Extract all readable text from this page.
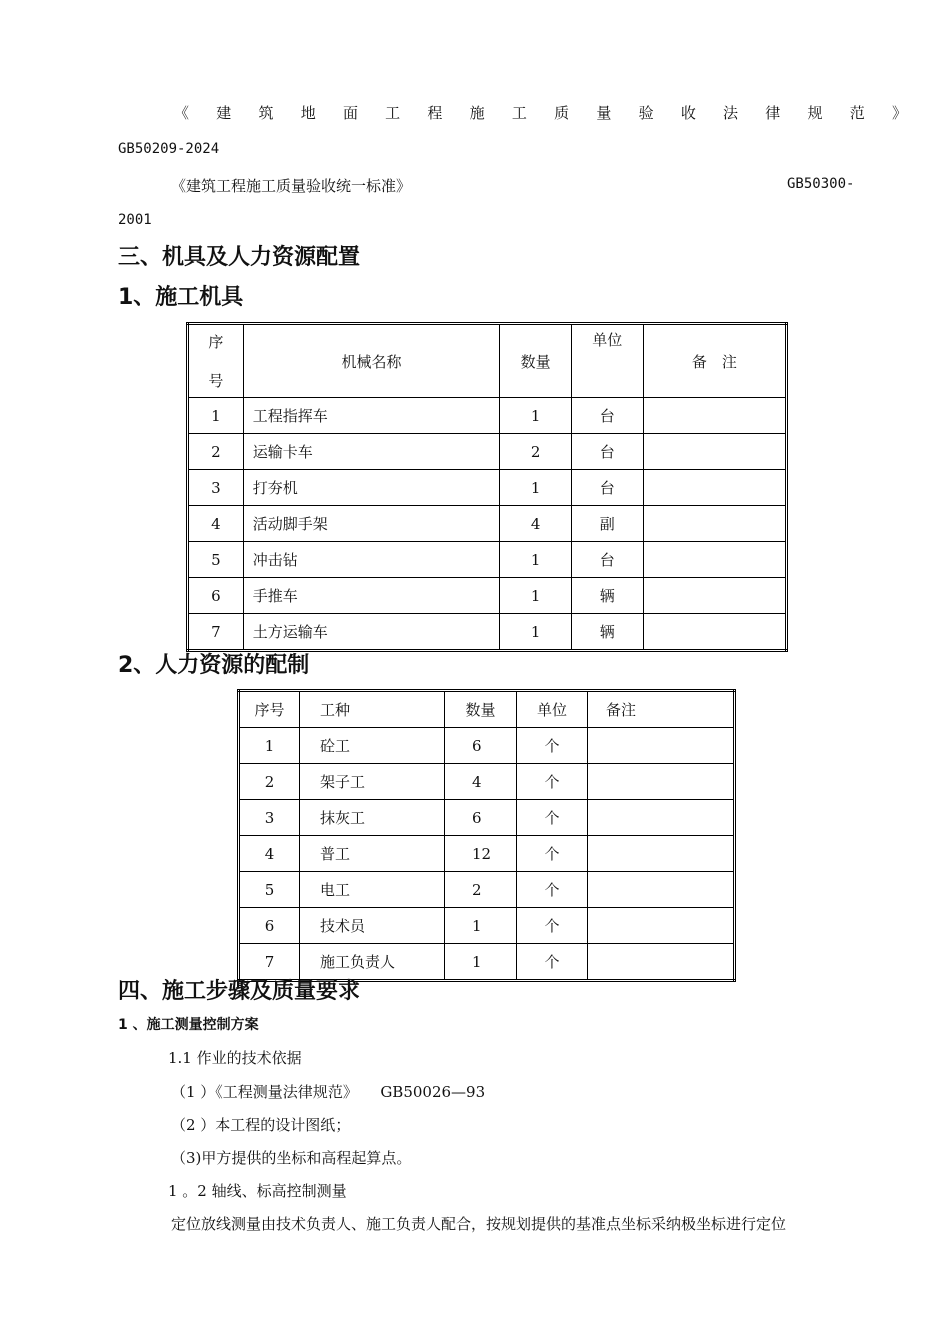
《 建 筑 地 面 工 程 施 工 质 量 验 收 法 律 规 范 》
GB50209-2024
《建筑工程施工质量验收统一标准》	GB50300-
2001
三、机具及人力资源配置
1、施工机具
序
号	机械名称	数量	单位	备　注
1	工程指挥车	1	台	
2	运输卡车	2	台	
3	打夯机	1	台	
4	活动脚手架	4	副	
5	冲击钻	1	台	
6	手推车	1	辆	
7	土方运输车	1	辆	
2、人力资源的配制
序号	工种	数量	单位	备注
1	砼工	6	个	
2	架子工	4	个	
3	抹灰工	6	个	
4	普工	12	个	
5	电工	2	个	
6	技术员	1	个	
7	施工负责人	1	个	
四、施工步骤及质量要求
1 、施工测量控制方案
1.1 作业的技术依据
（1 ）《工程测量法律规范》　　GB50026—93
（2 ）本工程的设计图纸；
（3)甲方提供的坐标和高程起算点。
1 。2 轴线、标高控制测量
定位放线测量由技术负责人、施工负责人配合，按规划提供的基准点坐标采纳极坐标进行定位
